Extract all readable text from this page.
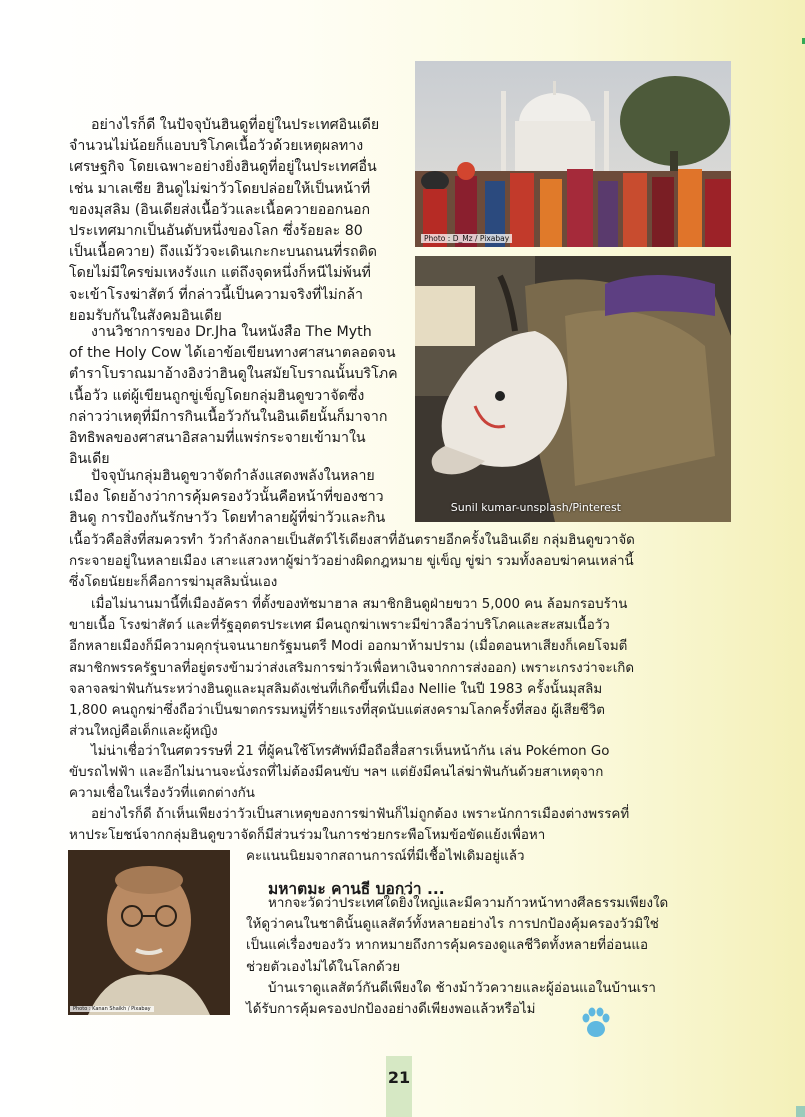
Photo : D_Mz / Pixabay
Sunil kumar-unsplash/Pinterest
Photo : Kanan Shaikh / Pixabay
อย่างไรก็ดี ในปัจจุบันฮินดูที่อยู่ในประเทศอินเดีย
จำนวนไม่น้อยก็แอบบริโภคเนื้อวัวด้วยเหตุผลทาง
เศรษฐกิจ โดยเฉพาะอย่างยิ่งฮินดูที่อยู่ในประเทศอื่น
เช่น มาเลเซีย ฮินดูไม่ฆ่าวัวโดยปล่อยให้เป็นหน้าที่
ของมุสลิม (อินเดียส่งเนื้อวัวและเนื้อควายออกนอก
ประเทศมากเป็นอันดับหนึ่งของโลก ซึ่งร้อยละ 80
เป็นเนื้อควาย) ถึงแม้วัวจะเดินเกะกะบนถนนที่รถติด
โดยไม่มีใครข่มเหงรังแก แต่ถึงจุดหนึ่งก็หนีไม่พ้นที่
จะเข้าโรงฆ่าสัตว์ ที่กล่าวนี้เป็นความจริงที่ไม่กล้า
ยอมรับกันในสังคมอินเดีย
งานวิชาการของ Dr.Jha ในหนังสือ The Myth
of the Holy Cow ได้เอาข้อเขียนทางศาสนาตลอดจน
ตำราโบราณมาอ้างอิงว่าฮินดูในสมัยโบราณนั้นบริโภค
เนื้อวัว แต่ผู้เขียนถูกขู่เข็ญโดยกลุ่มฮินดูขวาจัดซึ่ง
กล่าวว่าเหตุที่มีการกินเนื้อวัวกันในอินเดียนั้นก็มาจาก
อิทธิพลของศาสนาอิสลามที่แพร่กระจายเข้ามาใน
อินเดีย
ปัจจุบันกลุ่มฮินดูขวาจัดกำลังแสดงพลังในหลาย
เมือง โดยอ้างว่าการคุ้มครองวัวนั้นคือหน้าที่ของชาว
ฮินดู การป้องกันรักษาวัว โดยทำลายผู้ที่ฆ่าวัวและกิน
เนื้อวัวคือสิ่งที่สมควรทำ วัวกำลังกลายเป็นสัตว์ไร้เดียงสาที่อันตรายอีกครั้งในอินเดีย กลุ่มฮินดูขวาจัด
กระจายอยู่ในหลายเมือง เสาะแสวงหาผู้ฆ่าวัวอย่างผิดกฎหมาย ขู่เข็ญ ขู่ฆ่า รวมทั้งลอบฆ่าคนเหล่านี้
ซึ่งโดยนัยยะก็คือการฆ่ามุสลิมนั่นเอง
เมื่อไม่นานมานี้ที่เมืองอัครา ที่ตั้งของทัชมาฮาล สมาชิกฮินดูฝ่ายขวา 5,000 คน ล้อมกรอบร้าน
ขายเนื้อ โรงฆ่าสัตว์ และที่รัฐอุตตรประเทศ มีคนถูกฆ่าเพราะมีข่าวลือว่าบริโภคและสะสมเนื้อวัว
อีกหลายเมืองก็มีความคุกรุ่นจนนายกรัฐมนตรี Modi ออกมาห้ามปราม (เมื่อตอนหาเสียงก็เคยโจมตี
สมาชิกพรรครัฐบาลที่อยู่ตรงข้ามว่าส่งเสริมการฆ่าวัวเพื่อหาเงินจากการส่งออก) เพราะเกรงว่าจะเกิด
จลาจลฆ่าฟันกันระหว่างฮินดูและมุสลิมดังเช่นที่เกิดขึ้นที่เมือง Nellie ในปี 1983 ครั้งนั้นมุสลิม
1,800 คนถูกฆ่าซึ่งถือว่าเป็นฆาตกรรมหมู่ที่ร้ายแรงที่สุดนับแต่สงครามโลกครั้งที่สอง ผู้เสียชีวิต
ส่วนใหญ่คือเด็กและผู้หญิง
ไม่น่าเชื่อว่าในศตวรรษที่ 21 ที่ผู้คนใช้โทรศัพท์มือถือสื่อสารเห็นหน้ากัน เล่น Pokémon Go
ขับรถไฟฟ้า และอีกไม่นานจะนั่งรถที่ไม่ต้องมีคนขับ ฯลฯ แต่ยังมีคนไล่ฆ่าฟันกันด้วยสาเหตุจาก
ความเชื่อในเรื่องวัวที่แตกต่างกัน
อย่างไรก็ดี ถ้าเห็นเพียงว่าวัวเป็นสาเหตุของการฆ่าฟันก็ไม่ถูกต้อง เพราะนักการเมืองต่างพรรคที่
หาประโยชน์จากกลุ่มฮินดูขวาจัดก็มีส่วนร่วมในการช่วยกระพือโหมข้อขัดแย้งเพื่อหา
คะแนนนิยมจากสถานการณ์ที่มีเชื้อไฟเดิมอยู่แล้ว
มหาตมะ คานธี บอกว่า ...
หากจะวัดว่าประเทศใดยิ่งใหญ่และมีความก้าวหน้าทางศีลธรรมเพียงใด
ให้ดูว่าคนในชาตินั้นดูแลสัตว์ทั้งหลายอย่างไร การปกป้องคุ้มครองวัวมิใช่
เป็นแค่เรื่องของวัว หากหมายถึงการคุ้มครองดูแลชีวิตทั้งหลายที่อ่อนแอ
ช่วยตัวเองไม่ได้ในโลกด้วย
บ้านเราดูแลสัตว์กันดีเพียงใด ช้างม้าวัวควายและผู้อ่อนแอในบ้านเรา
ได้รับการคุ้มครองปกป้องอย่างดีเพียงพอแล้วหรือไม่
21
